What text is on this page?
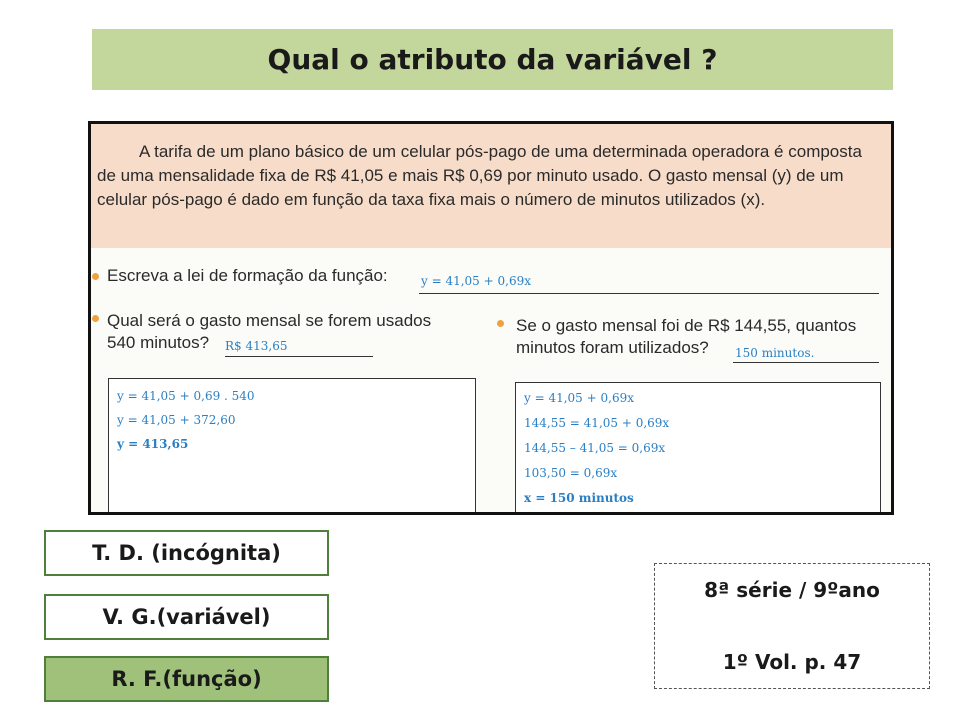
Qual o atributo da variável ?

A tarifa de um plano básico de um celular pós-pago de uma determinada operadora é composta de uma mensalidade fixa de R$ 41,05 e mais R$ 0,69 por minuto usado. O gasto mensal (y) de um celular pós-pago é dado em função da taxa fixa mais o número de minutos utilizados (x).

Escreva a lei de formação da função:	y = 41,05 + 0,69x
Qual será o gasto mensal se forem usados
540 minutos? R$ 413,65
Se o gasto mensal foi de R$ 144,55, quantos
minutos foram utilizados? 150 minutos.
y = 41,05 + 0,69 . 540
y = 41,05 + 372,60
y = 413,65
y = 41,05 + 0,69x
144,55 = 41,05 + 0,69x
144,55 – 41,05 = 0,69x
103,50 = 0,69x
x = 150 minutos
T. D. (incógnita)
V. G.(variável)
R. F.(função)
8ª série / 9ºano
1º Vol. p. 47
